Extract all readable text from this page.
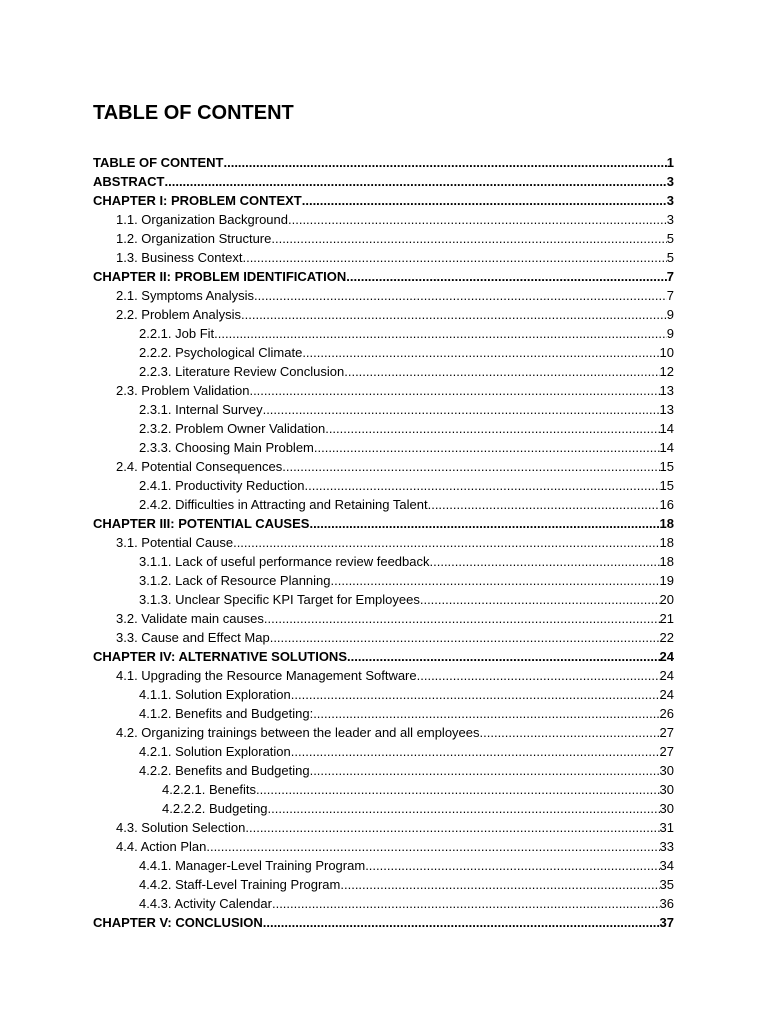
TABLE OF CONTENT
TABLE OF CONTENT .....	1
ABSTRACT .....	3
CHAPTER I: PROBLEM CONTEXT .....	3
1.1. Organization Background .....	3
1.2. Organization Structure .....	5
1.3. Business Context .....	5
CHAPTER II: PROBLEM IDENTIFICATION .....	7
2.1. Symptoms Analysis .....	7
2.2. Problem Analysis .....	9
2.2.1. Job Fit .....	9
2.2.2. Psychological Climate .....	10
2.2.3. Literature Review Conclusion .....	12
2.3. Problem Validation .....	13
2.3.1. Internal Survey .....	13
2.3.2. Problem Owner Validation .....	14
2.3.3. Choosing Main Problem .....	14
2.4. Potential Consequences .....	15
2.4.1. Productivity Reduction .....	15
2.4.2. Difficulties in Attracting and Retaining Talent .....	16
CHAPTER III: POTENTIAL CAUSES .....	18
3.1. Potential Cause .....	18
3.1.1. Lack of useful performance review feedback .....	18
3.1.2. Lack of Resource Planning .....	19
3.1.3. Unclear Specific KPI Target for Employees .....	20
3.2. Validate main causes .....	21
3.3. Cause and Effect Map .....	22
CHAPTER IV: ALTERNATIVE SOLUTIONS .....	24
4.1. Upgrading the Resource Management Software .....	24
4.1.1. Solution Exploration .....	24
4.1.2. Benefits and Budgeting: .....	26
4.2. Organizing trainings between the leader and all employees .....	27
4.2.1. Solution Exploration .....	27
4.2.2. Benefits and Budgeting .....	30
4.2.2.1. Benefits .....	30
4.2.2.2. Budgeting .....	30
4.3. Solution Selection .....	31
4.4. Action Plan .....	33
4.4.1. Manager-Level Training Program .....	34
4.4.2. Staff-Level Training Program .....	35
4.4.3. Activity Calendar .....	36
CHAPTER V: CONCLUSION .....	37
